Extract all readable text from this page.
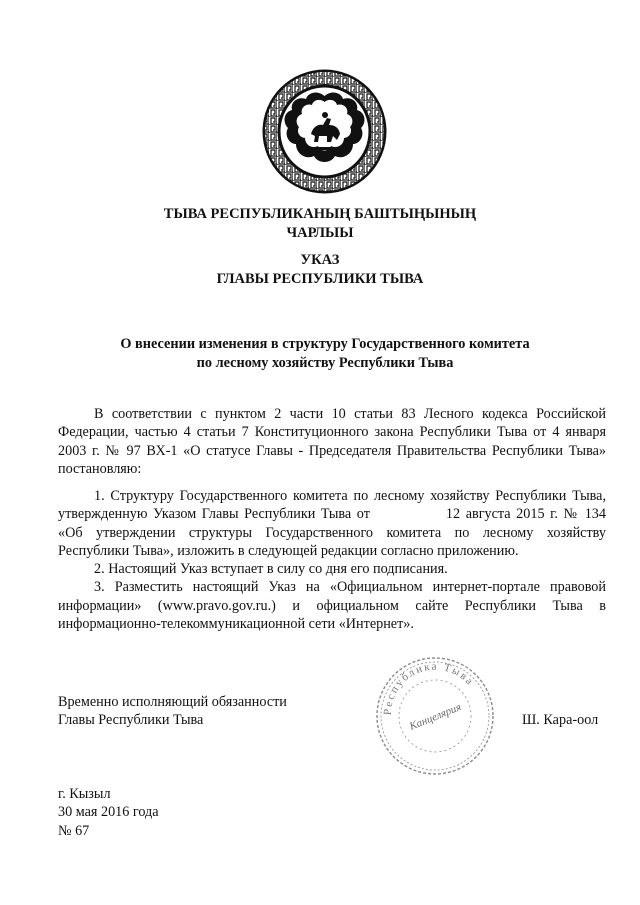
ТЫВА РЕСПУБЛИКАНЫҢ БАШТЫҢЫНЫҢ
ЧАРЛЫЫ
УКАЗ
ГЛАВЫ РЕСПУБЛИКИ ТЫВА
О внесении изменения в структуру Государственного комитета
по лесному хозяйству Республики Тыва

В соответствии с пунктом 2 части 10 статьи 83 Лесного кодекса Российской Федерации, частью 4 статьи 7 Конституционного закона Республики Тыва от 4 января 2003 г. № 97 ВХ-1 «О статусе Главы - Председателя Правительства Республики Тыва» постановляю:

1. Структуру Государственного комитета по лесному хозяйству Республики Тыва, утвержденную Указом Главы Республики Тыва от	12 августа 2015 г. № 134 «Об утверждении структуры Государственного комитета по лесному хозяйству Республики Тыва», изложить в следующей редакции согласно приложению.

2. Настоящий Указ вступает в силу со дня его подписания.

3. Разместить настоящий Указ на «Официальном интернет-портале правовой информации» (www.pravo.gov.ru.) и официальном сайте Республики Тыва в информационно-телекоммуникационной сети «Интернет».

Временно исполняющий обязанности
Главы Республики Тыва
Республика Тыва
Канцелярия	Ш. Кара-оол
г. Кызыл
30 мая 2016 года
№ 67
